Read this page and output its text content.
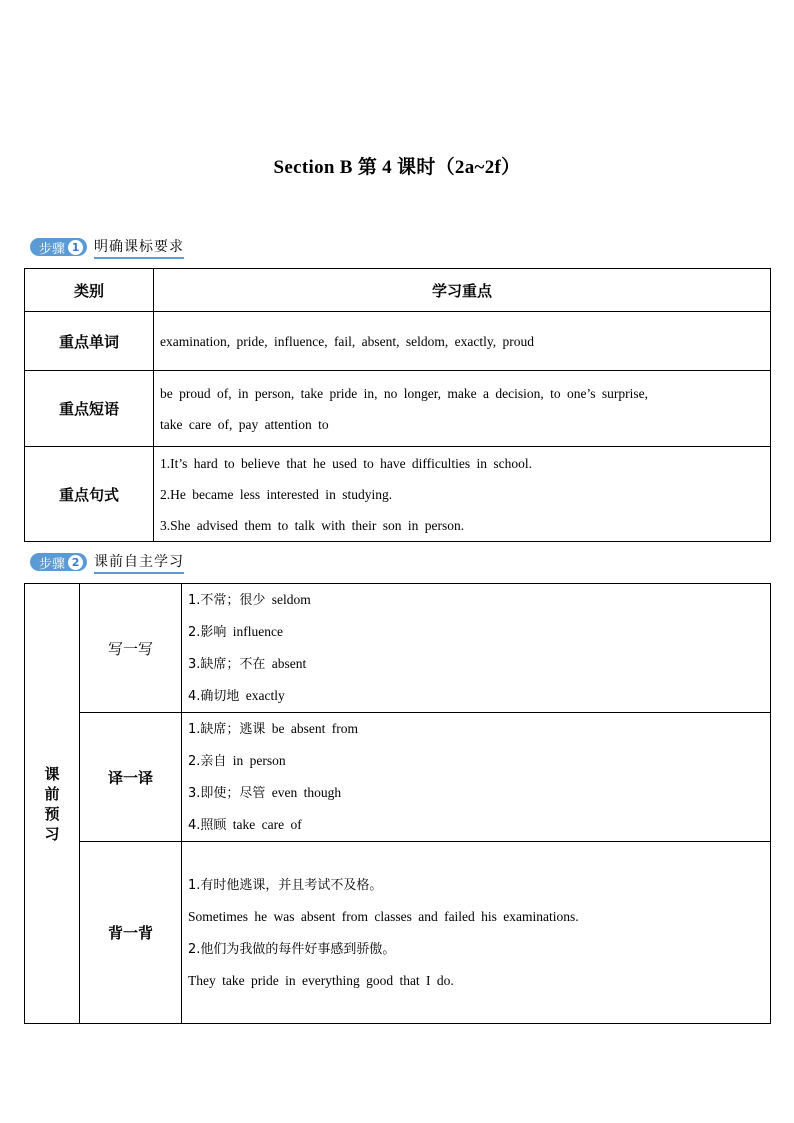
Section B 第 4 课时（2a~2f）
步骤 1 明确课标要求
类别	学习重点
重点单词	examination, pride, influence, fail, absent, seldom, exactly, proud

重点短语	be proud of, in person, take pride in, no longer, make a decision, to one’s surprise,
take care of, pay attention to

重点句式	1.It’s hard to believe that he used to have difficulties in school.
2.He became less interested in studying.
3.She advised them to talk with their son in person.
步骤 2 课前自主学习
课
前
预
习	写一写	1.不常；很少 seldom
2.影响 influence
3.缺席；不在 absent
4.确切地 exactly

	译一译	1.缺席；逃课 be absent from
2.亲自 in person
3.即使；尽管 even though
4.照顾 take care of

	背一背	1.有时他逃课，并且考试不及格。
Sometimes he was absent from classes and failed his examinations.
2.他们为我做的每件好事感到骄傲。
They take pride in everything good that I do.
